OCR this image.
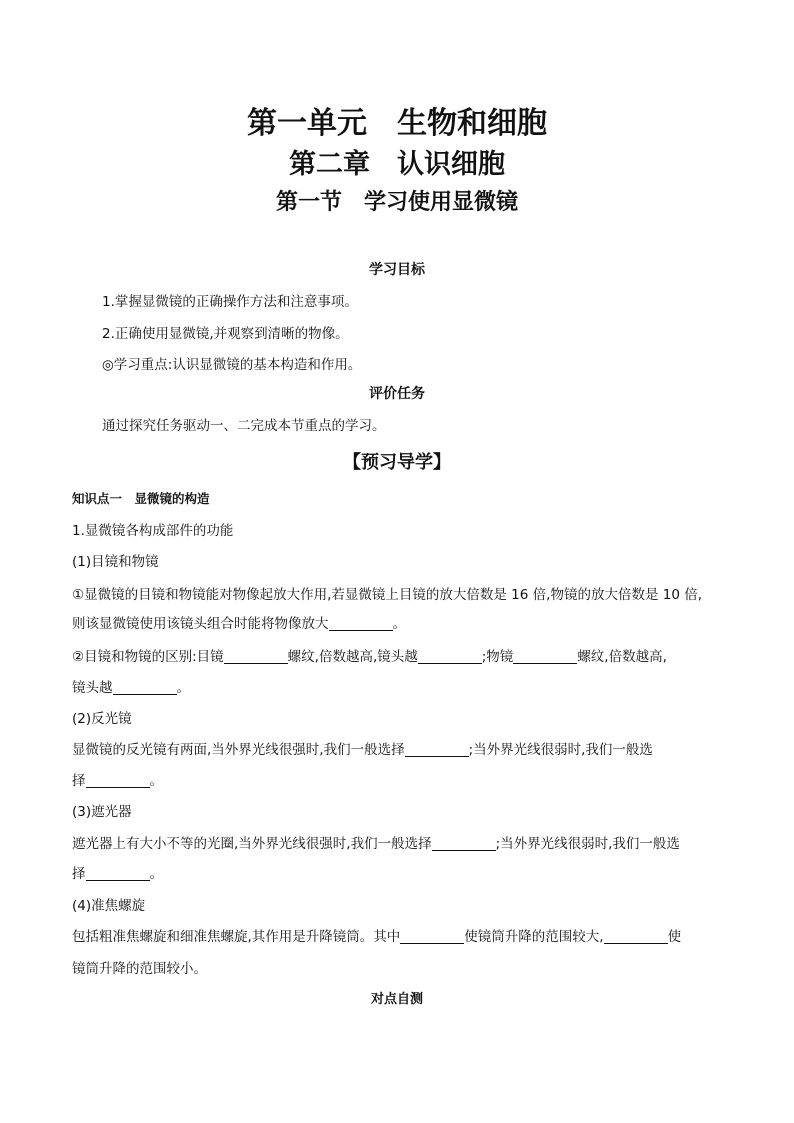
第一单元　生物和细胞
第二章　认识细胞
第一节　学习使用显微镜
学习目标
1.掌握显微镜的正确操作方法和注意事项。
2.正确使用显微镜,并观察到清晰的物像。
◎学习重点:认识显微镜的基本构造和作用。
评价任务
通过探究任务驱动一、二完成本节重点的学习。
【预习导学】
知识点一　显微镜的构造
1.显微镜各构成部件的功能
(1)目镜和物镜
①显微镜的目镜和物镜能对物像起放大作用,若显微镜上目镜的放大倍数是 16 倍,物镜的放大倍数是 10 倍,
则该显微镜使用该镜头组合时能将物像放大	。
②目镜和物镜的区别:目镜	螺纹,倍数越高,镜头越	;物镜	螺纹,倍数越高,
镜头越	。
(2)反光镜
显微镜的反光镜有两面,当外界光线很强时,我们一般选择	;当外界光线很弱时,我们一般选
择	。
(3)遮光器
遮光器上有大小不等的光圈,当外界光线很强时,我们一般选择	;当外界光线很弱时,我们一般选
择	。
(4)准焦螺旋
包括粗准焦螺旋和细准焦螺旋,其作用是升降镜筒。其中	使镜筒升降的范围较大,	使
镜筒升降的范围较小。
对点自测
